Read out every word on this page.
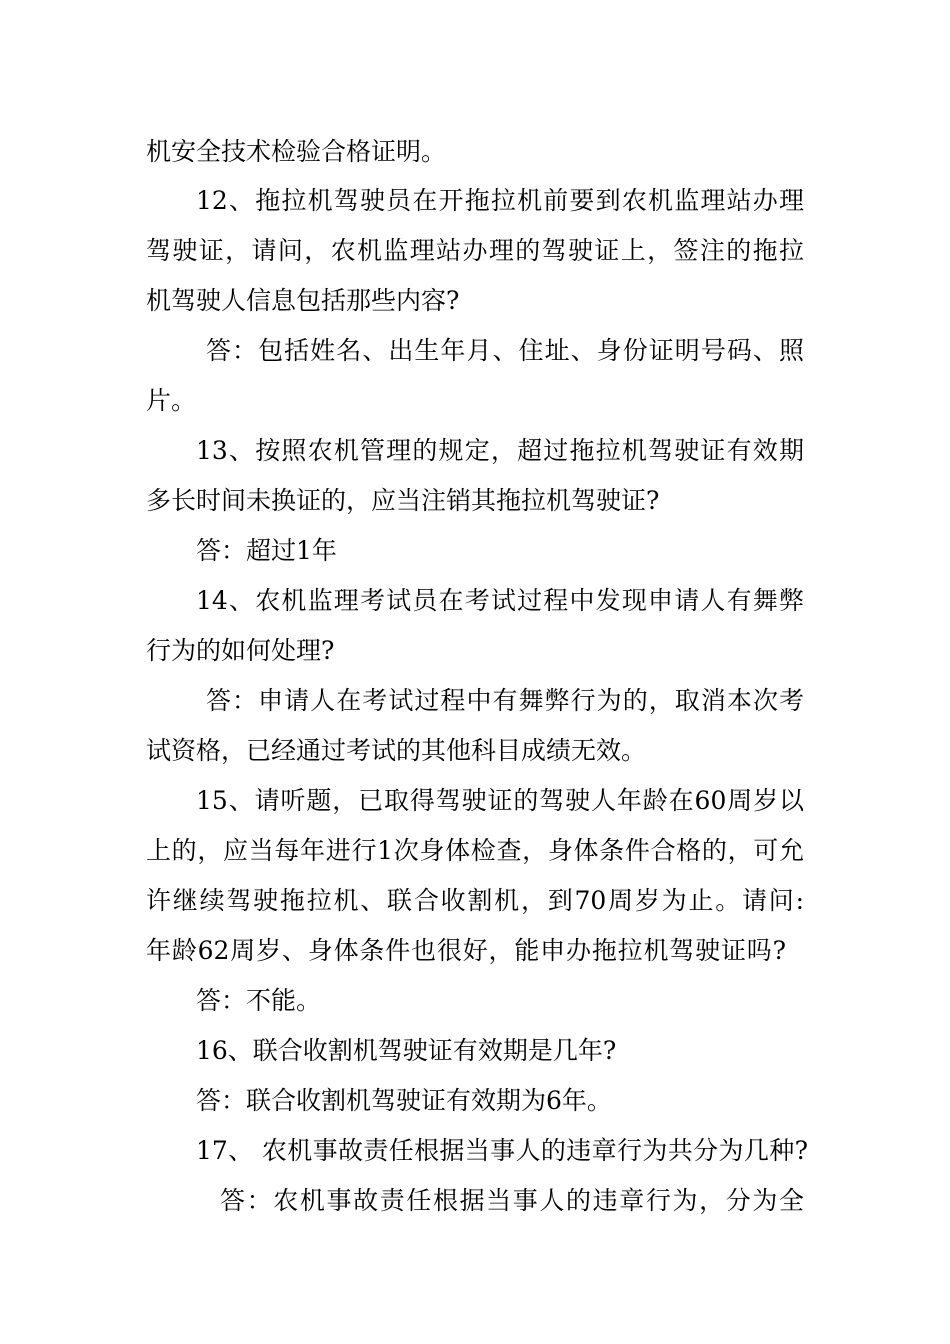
机安全技术检验合格证明。
12、拖拉机驾驶员在开拖拉机前要到农机监理站办理
驾驶证，请问，农机监理站办理的驾驶证上，签注的拖拉
机驾驶人信息包括那些内容?
答：包括姓名、出生年月、住址、身份证明号码、照
片。
13、按照农机管理的规定，超过拖拉机驾驶证有效期
多长时间未换证的，应当注销其拖拉机驾驶证?
答：超过1年
14、农机监理考试员在考试过程中发现申请人有舞弊
行为的如何处理?
答：申请人在考试过程中有舞弊行为的，取消本次考
试资格，已经通过考试的其他科目成绩无效。
15、请听题，已取得驾驶证的驾驶人年龄在60周岁以
上的，应当每年进行1次身体检查，身体条件合格的，可允
许继续驾驶拖拉机、联合收割机，到70周岁为止。请问:
年龄62周岁、身体条件也很好，能申办拖拉机驾驶证吗?
答：不能。
16、联合收割机驾驶证有效期是几年?
答：联合收割机驾驶证有效期为6年。
17、 农机事故责任根据当事人的违章行为共分为几种?
答：农机事故责任根据当事人的违章行为，分为全
